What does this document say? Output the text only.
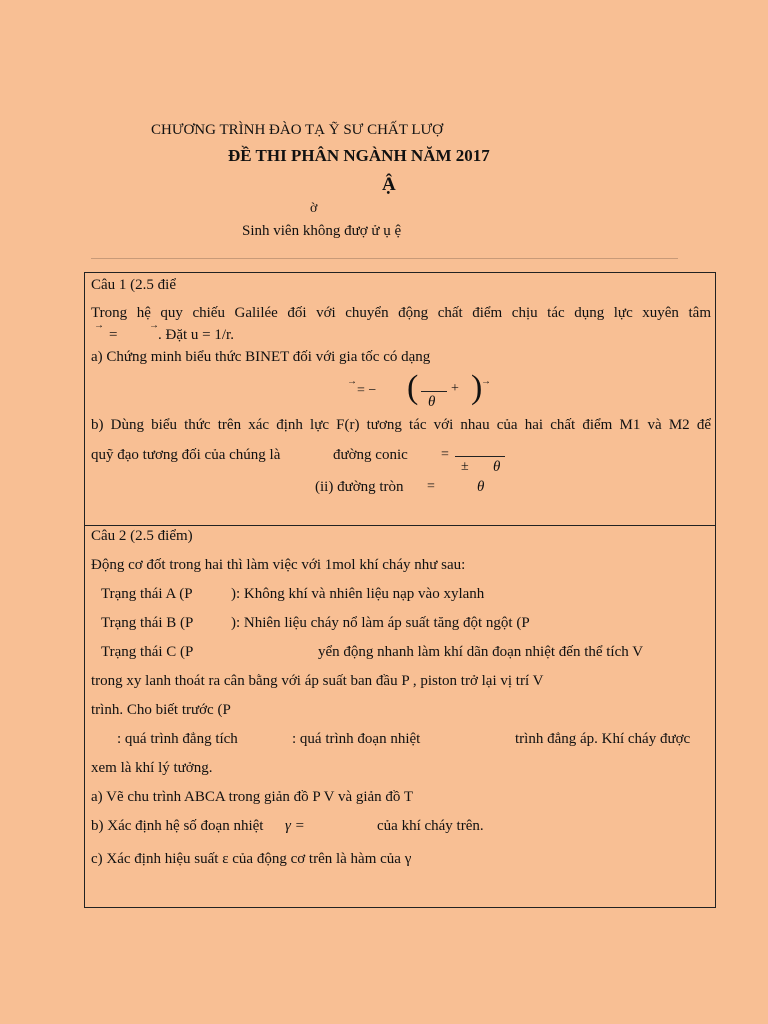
CHƯƠNG TRÌNH ĐÀO TẠ Ỹ SƯ CHẤT LƯỢ
ĐỀ THI PHÂN NGÀNH NĂM 2017
Ậ
ờ
Sinh viên không đượ ử ụ ệ
Câu 1 (2.5 điể
Trong hệ quy chiếu Galilée đối với chuyển động chất điểm chịu tác dụng lực xuyên tâm
→
=
→
. Đặt u = 1/r.
a) Chứng minh biểu thức BINET đối với gia tốc có dạng
→
= − ( θ
+ )
→
b) Dùng biểu thức trên xác định lực F(r) tương tác với nhau của hai chất điểm M1 và M2 để
quỹ đạo tương đối của chúng là	đường conic =
± θ
(ii) đường tròn =	θ
Câu 2 (2.5 điểm)
Động cơ đốt trong hai thì làm việc với 1mol khí cháy như sau:
Trạng thái A (P	): Không khí và nhiên liệu nạp vào xylanh
Trạng thái B (P	): Nhiên liệu cháy nổ làm áp suất tăng đột ngột (P
Trạng thái C (P	yển động nhanh làm khí dãn đoạn nhiệt đến thể tích V
trong xy lanh thoát ra cân bằng với áp suất ban đầu P , piston trở lại vị trí V
trình. Cho biết trước (P
: quá trình đẳng tích	: quá trình đoạn nhiệt	trình đẳng áp. Khí cháy được
xem là khí lý tưởng.
a) Vẽ chu trình ABCA trong giản đồ P V và giản đồ T
b) Xác định hệ số đoạn nhiệt γ =	của khí cháy trên.
c) Xác định hiệu suất ε của động cơ trên là hàm của γ
